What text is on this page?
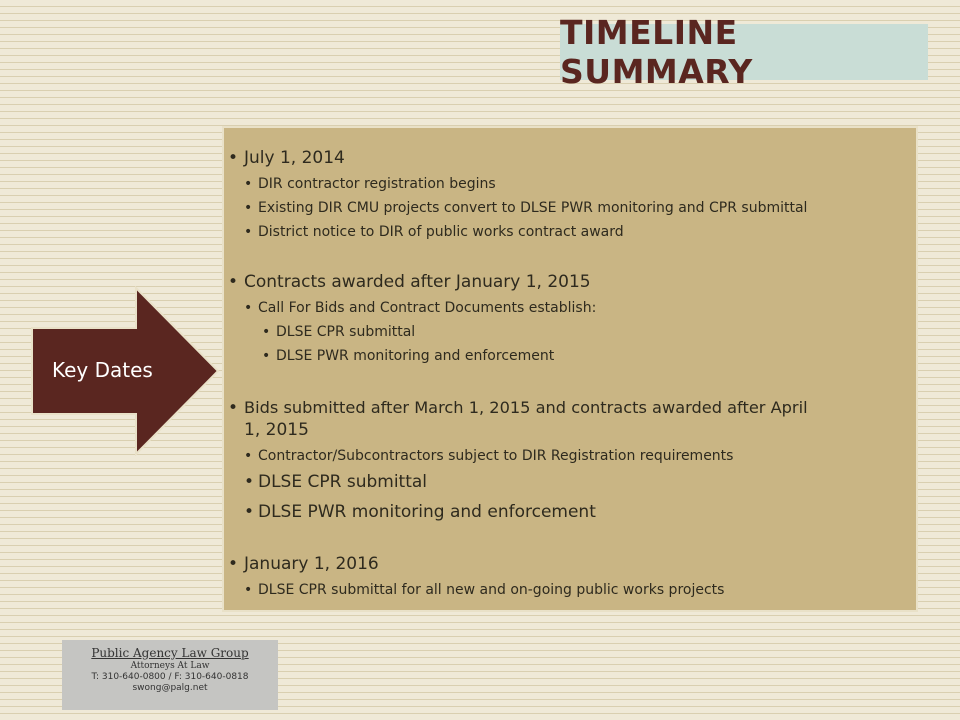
TIMELINE SUMMARY
• July 1, 2014
• DIR contractor registration begins
• Existing DIR CMU projects convert to DLSE PWR monitoring and CPR submittal
• District notice to DIR of public works contract award
• Contracts awarded after January 1, 2015
• Call For Bids and Contract Documents establish:
• DLSE CPR submittal
• DLSE PWR monitoring and enforcement
• Bids submitted after March 1, 2015 and contracts awarded after April
1, 2015
• Contractor/Subcontractors subject to DIR Registration requirements
• DLSE CPR submittal
• DLSE PWR monitoring and enforcement
• January 1, 2016
• DLSE CPR submittal for all new and on-going public works projects
Key Dates
Public Agency Law Group
Attorneys At Law
T: 310-640-0800 / F: 310-640-0818
swong@palg.net
